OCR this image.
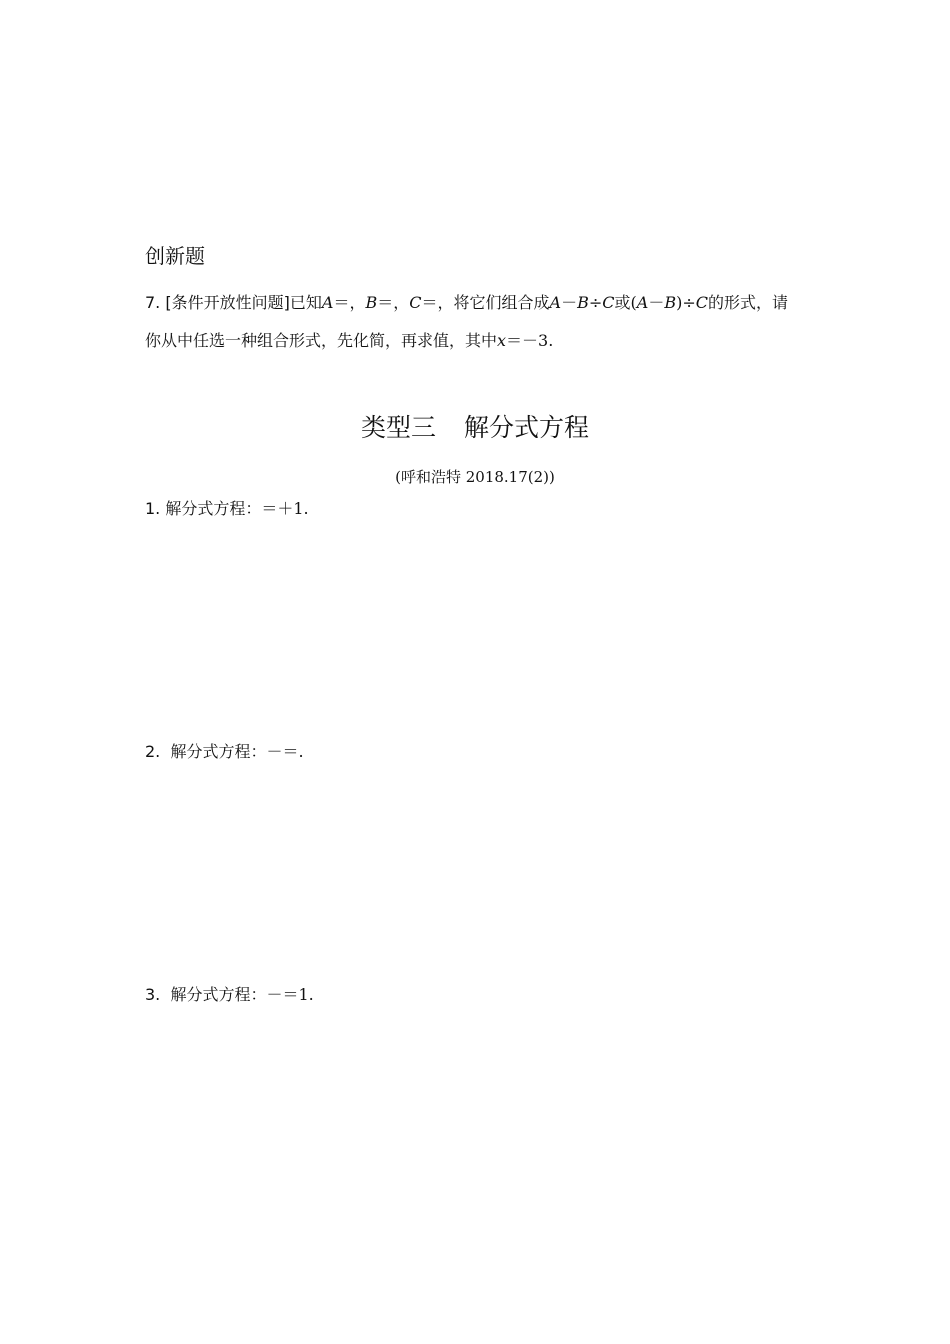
创新题
7. [条件开放性问题]已知A＝，B＝，C＝，将它们组合成A－B÷C或(A－B)÷C的形式，请
你从中任选一种组合形式，先化简，再求值，其中x＝－3.
类型三 解分式方程
(呼和浩特 2018.17(2))
1. 解分式方程：＝＋1.
2. 解分式方程：－＝.
3. 解分式方程：－＝1.
